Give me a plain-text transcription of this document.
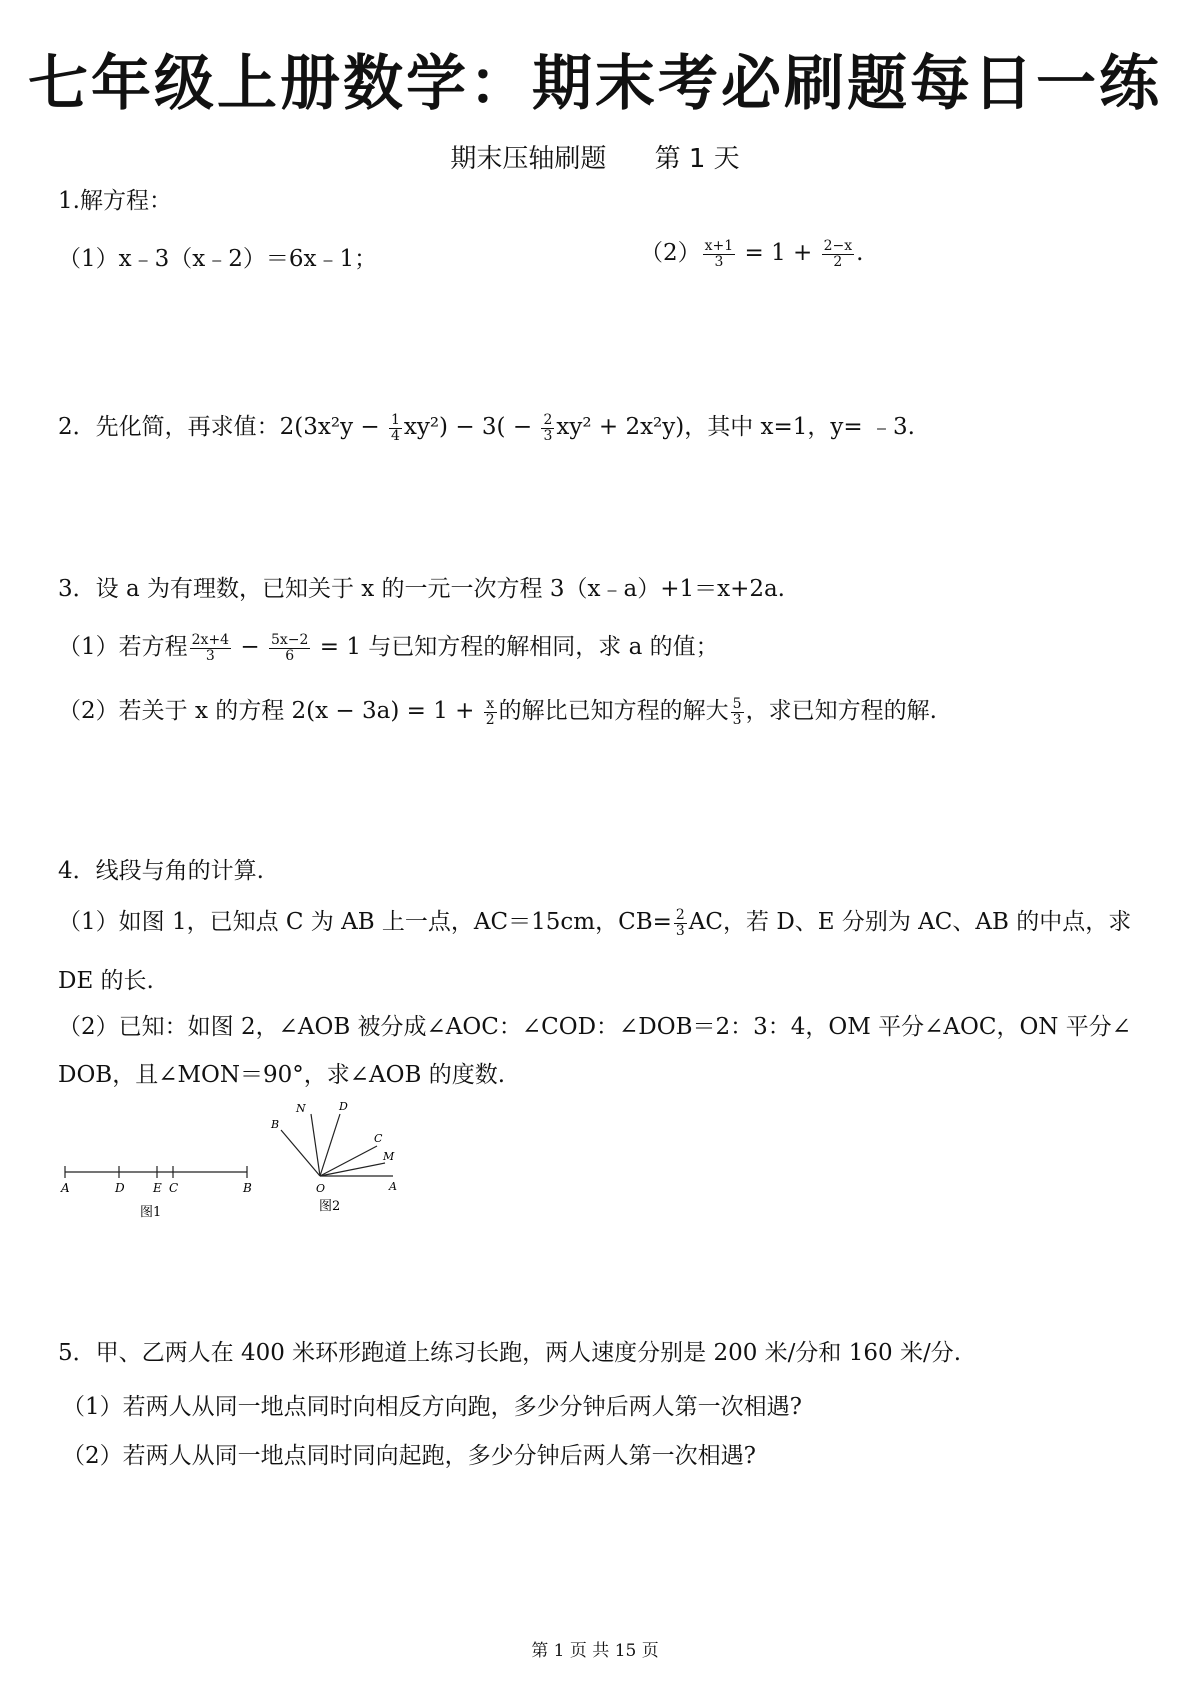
七年级上册数学：期末考必刷题每日一练
期末压轴刷题 第 1 天
1.解方程：
（1）x﹣3（x﹣2）＝6x﹣1；	$(2) \frac{x+1}{3} = 1 + \frac{2-x}{2}$ .
2．先化简，再求值：$2(3x^2y - \frac{1}{4} xy^2) - 3( - \frac{2}{3} xy^2 + 2x^2y)$，其中 x=1，y= ﹣3.
3．设 a 为有理数，已知关于 x 的一元一次方程 3（x﹣a）+1＝x+2a.
（1）若方程 $\frac{2x+4}{3} - \frac{5x-2}{6} = 1$ 与已知方程的解相同，求 a 的值；
（2）若关于 x 的方程 $2(x - 3a) = 1 + \frac{x}{2}$ 的解比已知方程的解大 $\frac{5}{3}$ ，求已知方程的解.
4．线段与角的计算.
（1）如图 1，已知点 C 为 AB 上一点，AC＝15cm，$CB= \frac{2}{3}$ AC，若 D、E 分别为 AC、AB 的中点，求
DE 的长.
（2）已知：如图 2，∠AOB 被分成∠AOC：∠COD：∠DOB＝2：3：4，OM 平分∠AOC，ON 平分∠
DOB，且∠MON＝90°，求∠AOB 的度数.
A	D E C	B
图1
N	D
B
C
M
O	A
图2
5．甲、乙两人在 400 米环形跑道上练习长跑，两人速度分别是 200 米/分和 160 米/分.
（1）若两人从同一地点同时向相反方向跑，多少分钟后两人第一次相遇?
（2）若两人从同一地点同时同向起跑，多少分钟后两人第一次相遇?
第 1 页 共 15 页
